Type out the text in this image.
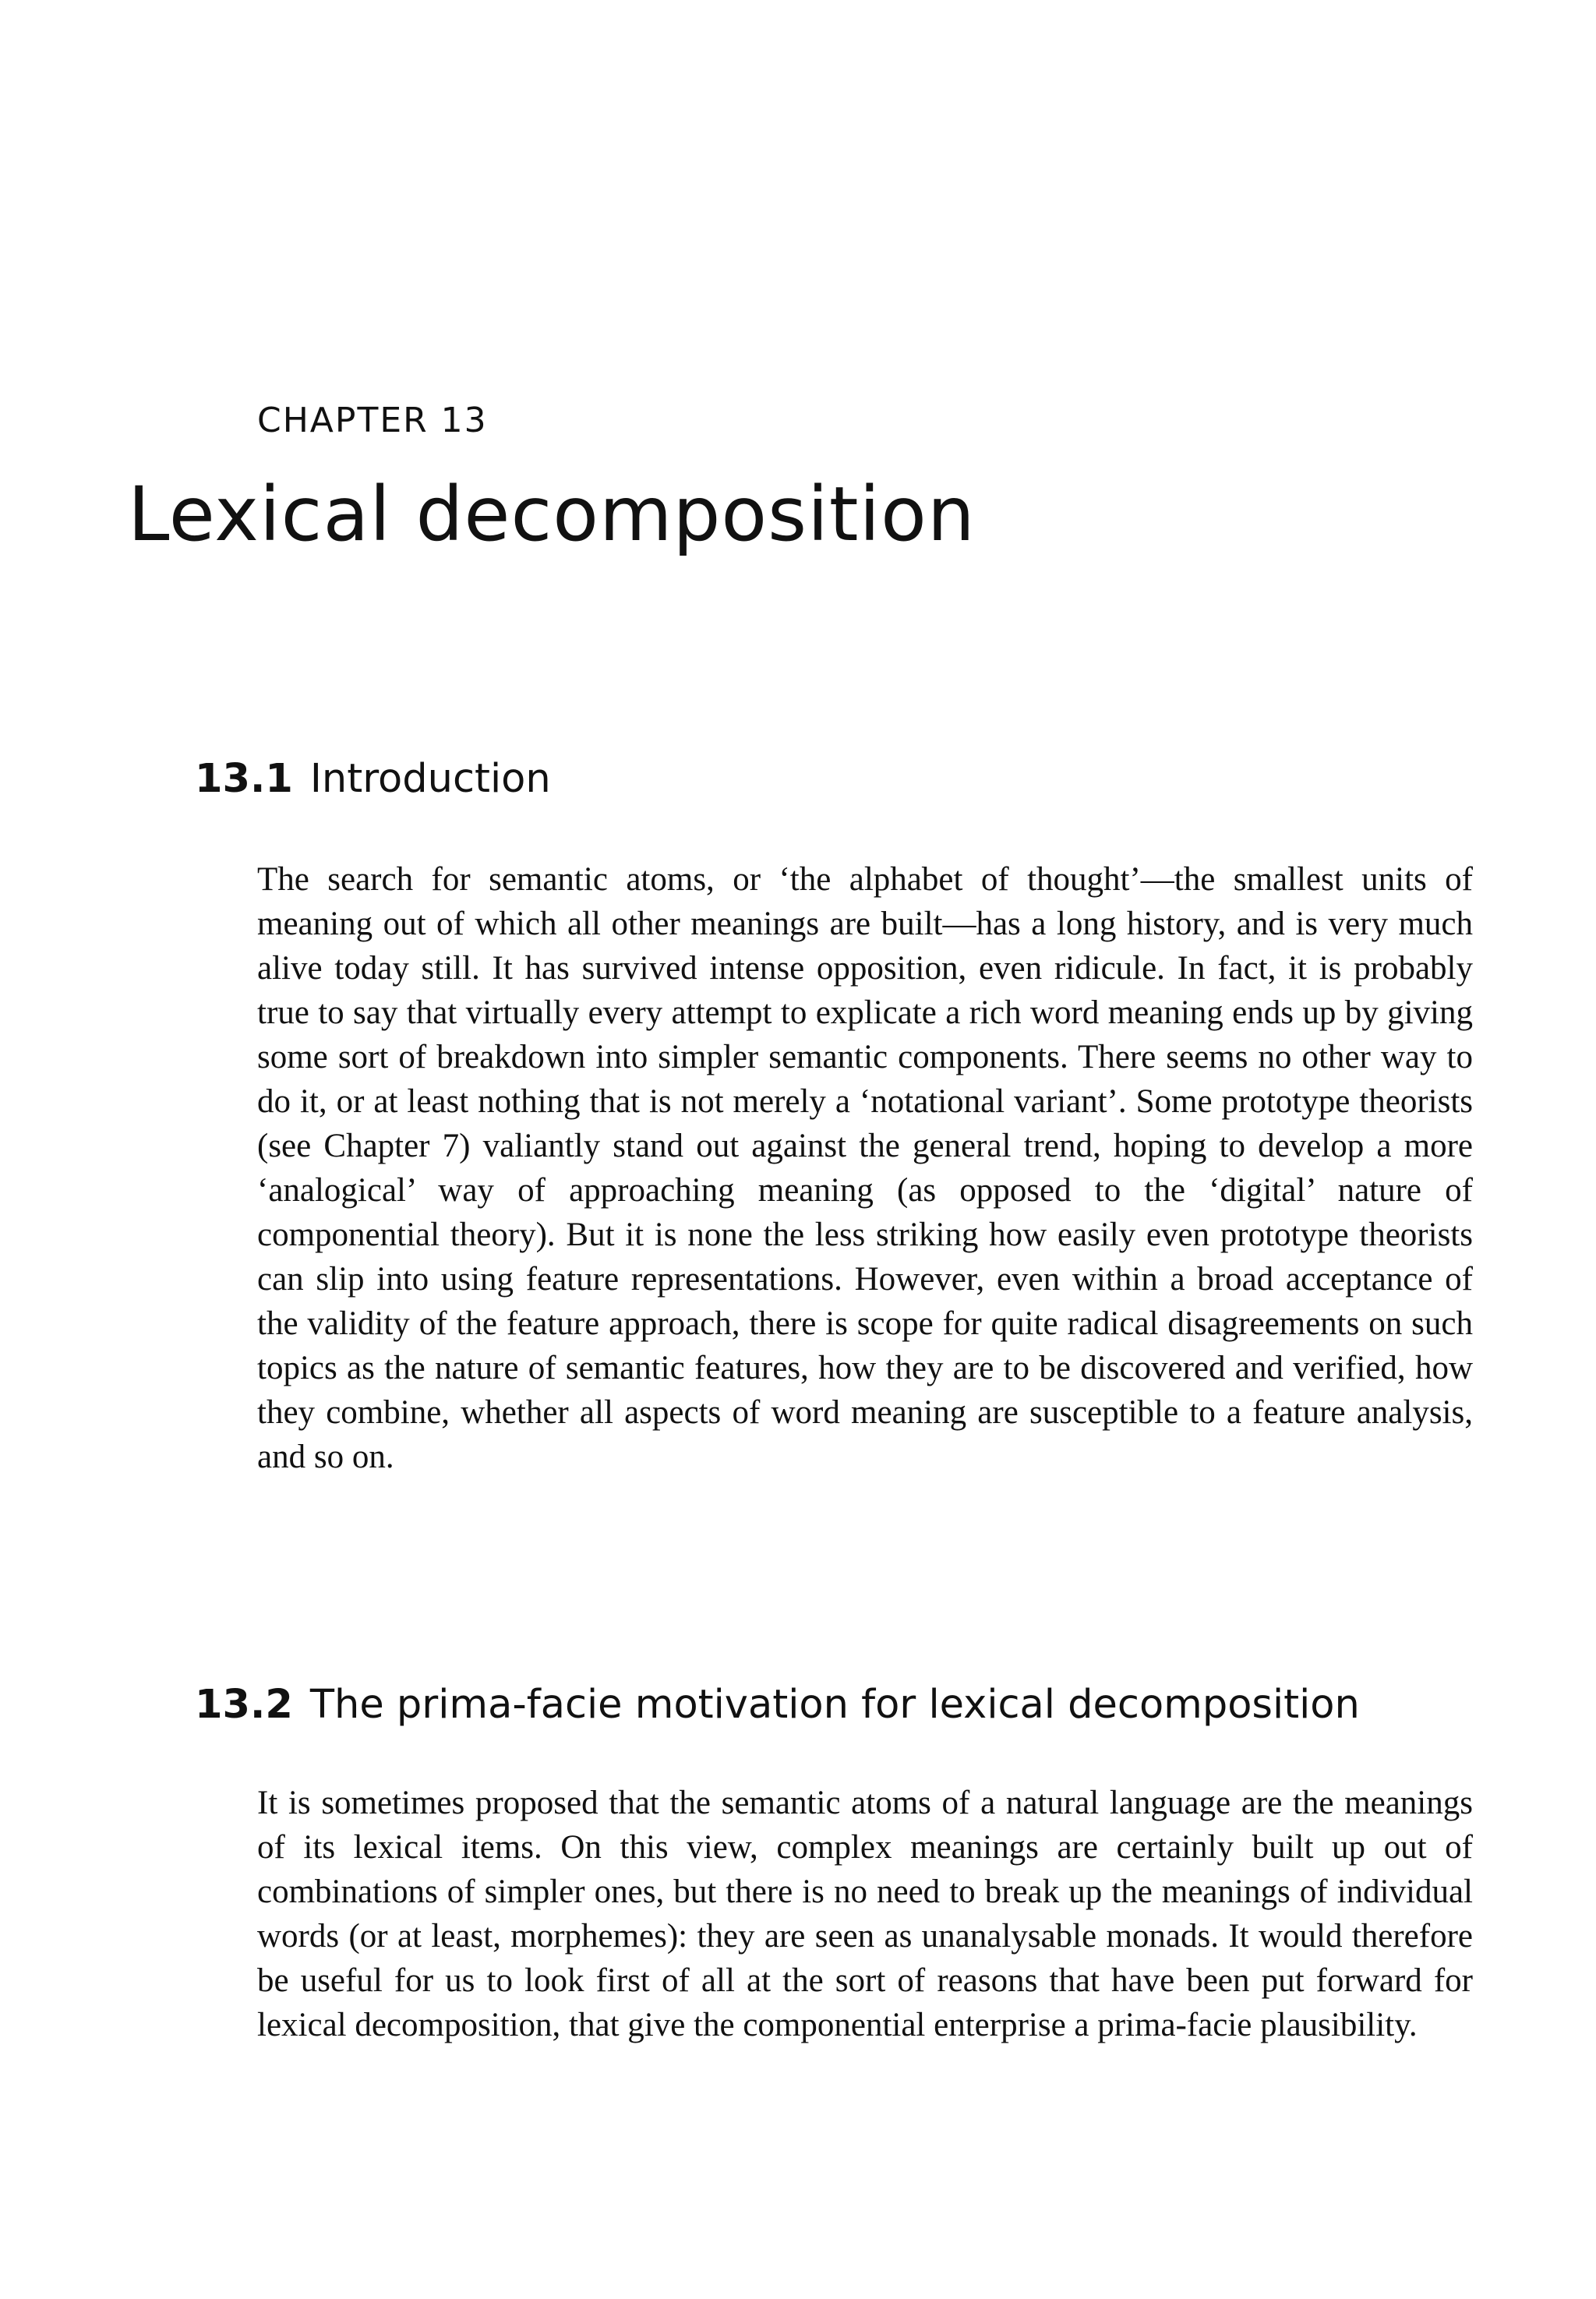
CHAPTER 13
Lexical decomposition
13.1 Introduction

The search for semantic atoms, or ‘the alphabet of thought’—the smallest units of meaning out of which all other meanings are built—has a long history, and is very much alive today still. It has survived intense opposition, even ridicule. In fact, it is probably true to say that virtually every attempt to explicate a rich word meaning ends up by giving some sort of breakdown into simpler semantic components. There seems no other way to do it, or at least nothing that is not merely a ‘notational variant’. Some prototype theorists (see Chapter 7) valiantly stand out against the general trend, hoping to develop a more ‘analogical’ way of approaching meaning (as opposed to the ‘digital’ nature of componential theory). But it is none the less striking how easily even prototype theorists can slip into using feature representations. However, even within a broad acceptance of the validity of the feature approach, there is scope for quite radical disagreements on such topics as the nature of semantic features, how they are to be discovered and verified, how they combine, whether all aspects of word meaning are susceptible to a feature analysis, and so on.

13.2 The prima-facie motivation for lexical decomposition

It is sometimes proposed that the semantic atoms of a natural language are the meanings of its lexical items. On this view, complex meanings are certainly built up out of combinations of simpler ones, but there is no need to break up the meanings of individual words (or at least, morphemes): they are seen as unanalysable monads. It would therefore be useful for us to look first of all at the sort of reasons that have been put forward for lexical decomposition, that give the componential enterprise a prima-facie plausibility.
